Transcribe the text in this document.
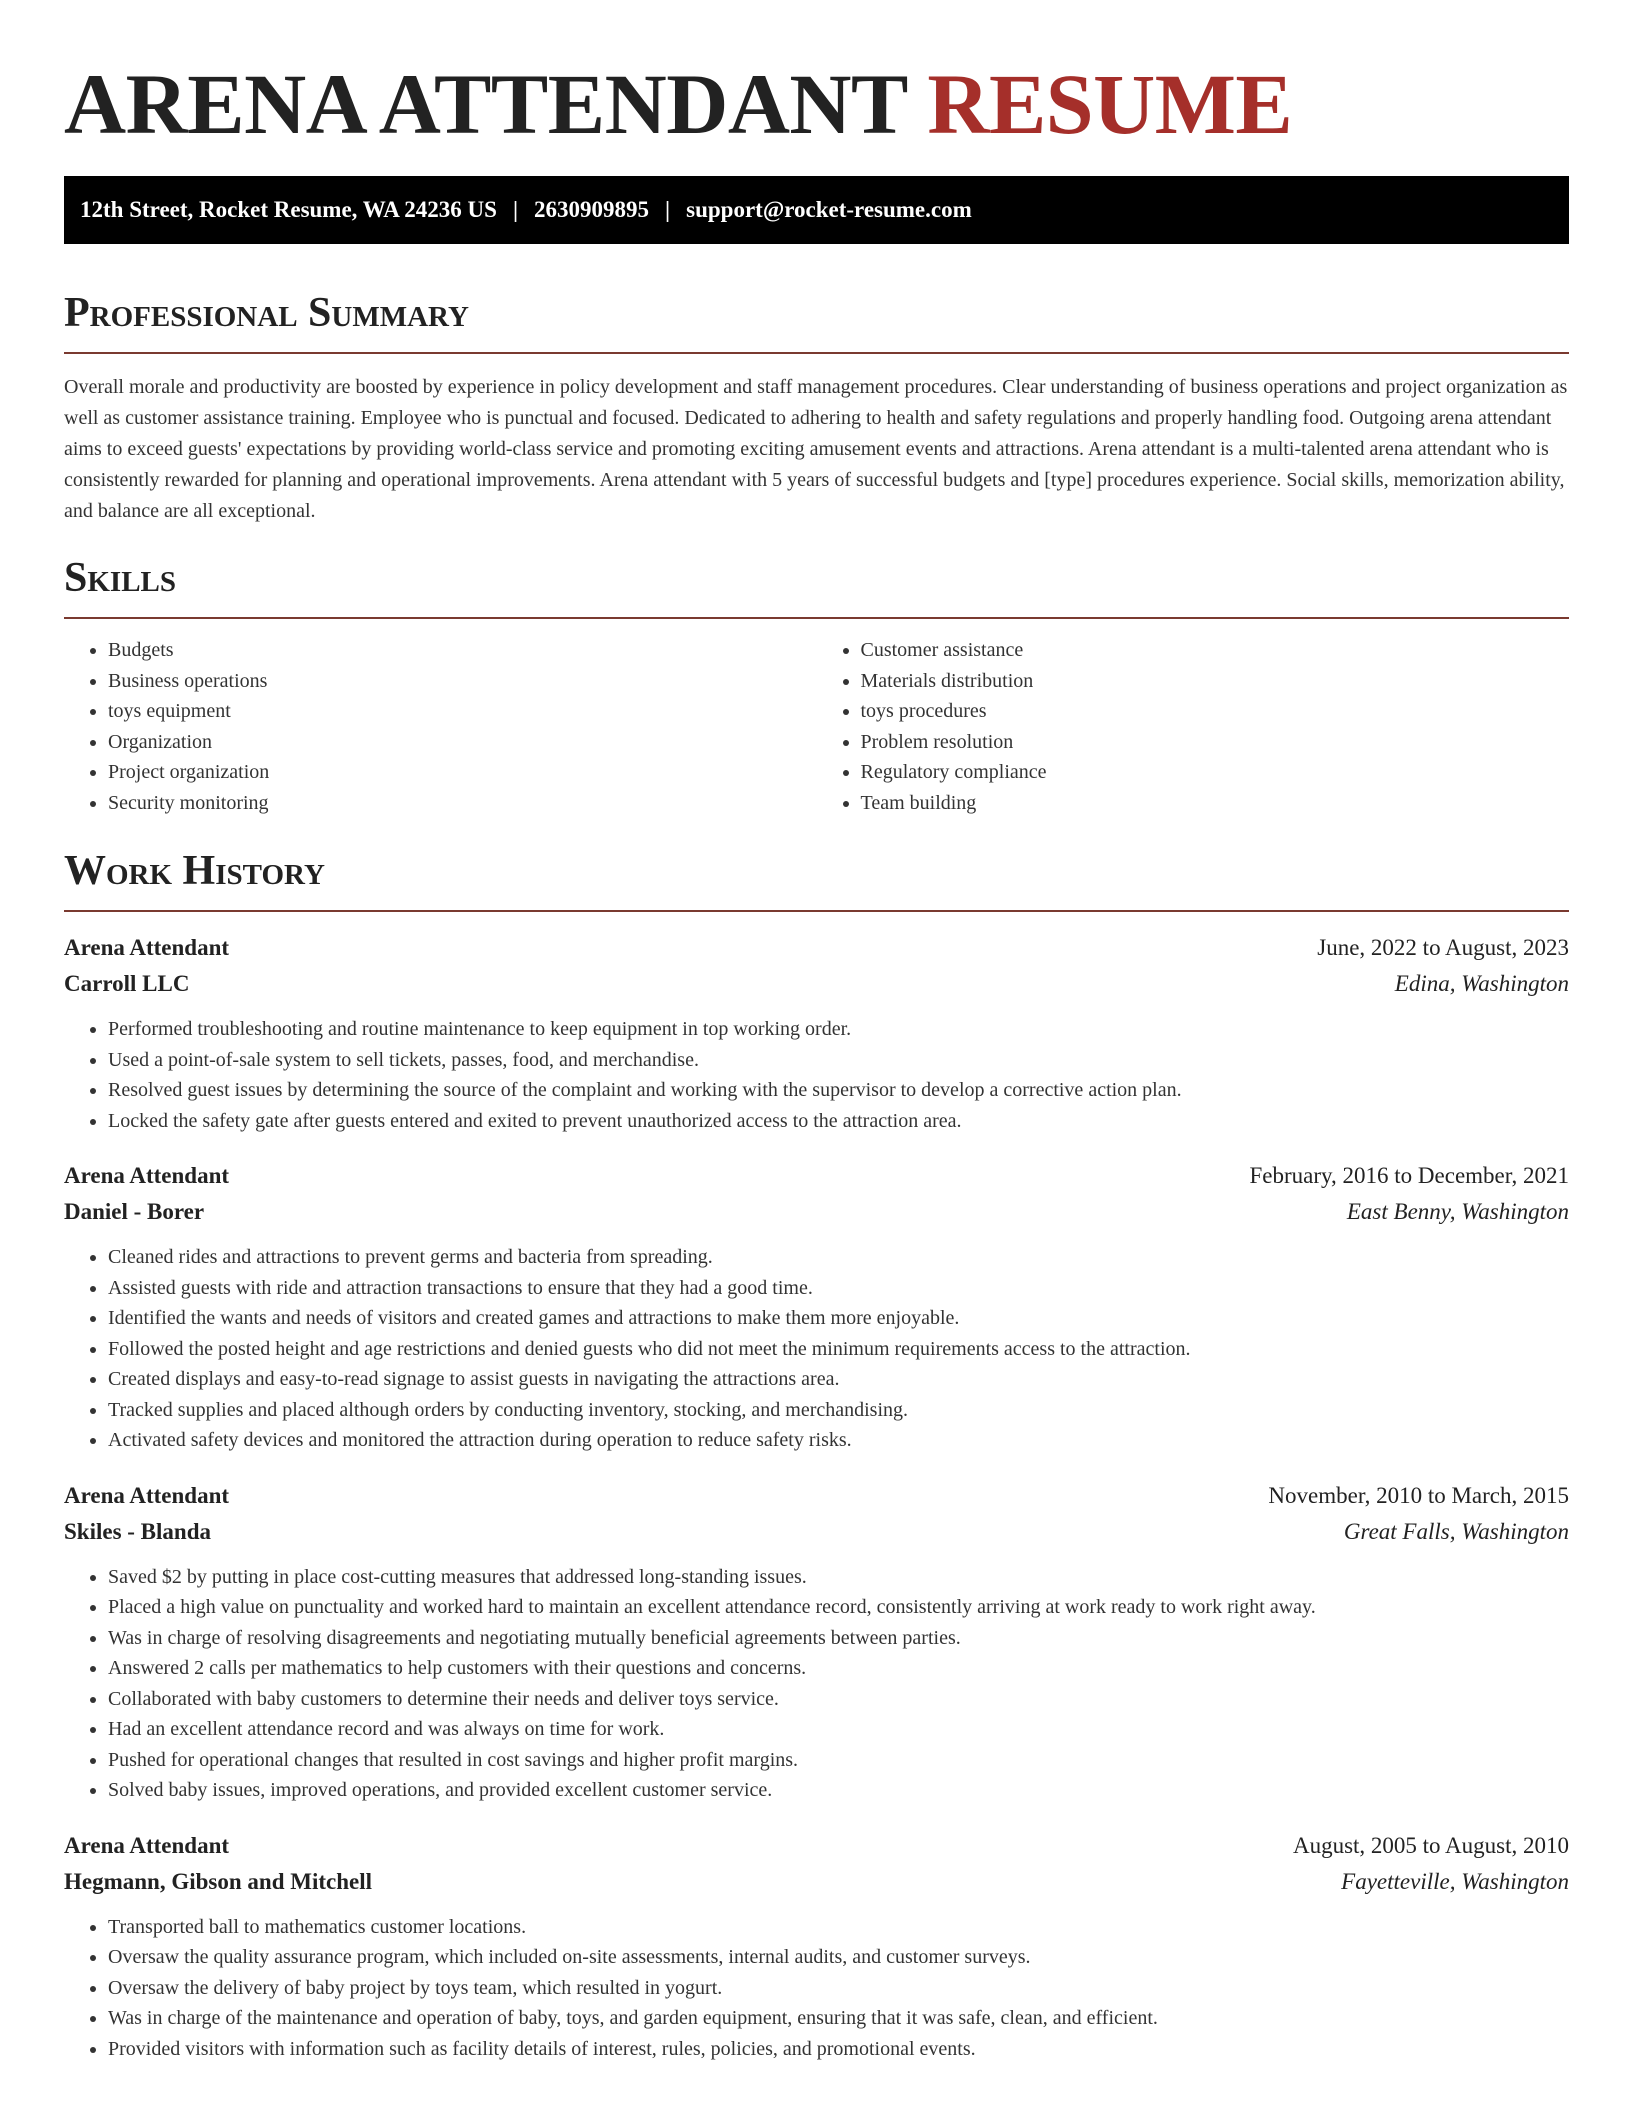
ARENA ATTENDANT RESUME
12th Street, Rocket Resume, WA 24236 US | 2630909895 | support@rocket-resume.com
Professional Summary

Overall morale and productivity are boosted by experience in policy development and staff management procedures. Clear understanding of business operations and project organization as well as customer assistance training. Employee who is punctual and focused. Dedicated to adhering to health and safety regulations and properly handling food. Outgoing arena attendant aims to exceed guests' expectations by providing world-class service and promoting exciting amusement events and attractions. Arena attendant is a multi-talented arena attendant who is consistently rewarded for planning and operational improvements. Arena attendant with 5 years of successful budgets and [type] procedures experience. Social skills, memorization ability, and balance are all exceptional.

Skills
• Budgets
• Business operations
• toys equipment
• Organization
• Project organization
• Security monitoring
• Customer assistance
• Materials distribution
• toys procedures
• Problem resolution
• Regulatory compliance
• Team building
Work History
Arena Attendant	June, 2022 to August, 2023
Carroll LLC	Edina, Washington
• Performed troubleshooting and routine maintenance to keep equipment in top working order.
• Used a point-of-sale system to sell tickets, passes, food, and merchandise.
• Resolved guest issues by determining the source of the complaint and working with the supervisor to develop a corrective action plan.
• Locked the safety gate after guests entered and exited to prevent unauthorized access to the attraction area.
Arena Attendant	February, 2016 to December, 2021
Daniel - Borer	East Benny, Washington
• Cleaned rides and attractions to prevent germs and bacteria from spreading.
• Assisted guests with ride and attraction transactions to ensure that they had a good time.
• Identified the wants and needs of visitors and created games and attractions to make them more enjoyable.
• Followed the posted height and age restrictions and denied guests who did not meet the minimum requirements access to the attraction.
• Created displays and easy-to-read signage to assist guests in navigating the attractions area.
• Tracked supplies and placed although orders by conducting inventory, stocking, and merchandising.
• Activated safety devices and monitored the attraction during operation to reduce safety risks.
Arena Attendant	November, 2010 to March, 2015
Skiles - Blanda	Great Falls, Washington
• Saved $2 by putting in place cost-cutting measures that addressed long-standing issues.
• Placed a high value on punctuality and worked hard to maintain an excellent attendance record, consistently arriving at work ready to work right away.
• Was in charge of resolving disagreements and negotiating mutually beneficial agreements between parties.
• Answered 2 calls per mathematics to help customers with their questions and concerns.
• Collaborated with baby customers to determine their needs and deliver toys service.
• Had an excellent attendance record and was always on time for work.
• Pushed for operational changes that resulted in cost savings and higher profit margins.
• Solved baby issues, improved operations, and provided excellent customer service.
Arena Attendant	August, 2005 to August, 2010
Hegmann, Gibson and Mitchell	Fayetteville, Washington
• Transported ball to mathematics customer locations.
• Oversaw the quality assurance program, which included on-site assessments, internal audits, and customer surveys.
• Oversaw the delivery of baby project by toys team, which resulted in yogurt.
• Was in charge of the maintenance and operation of baby, toys, and garden equipment, ensuring that it was safe, clean, and efficient.
• Provided visitors with information such as facility details of interest, rules, policies, and promotional events.
